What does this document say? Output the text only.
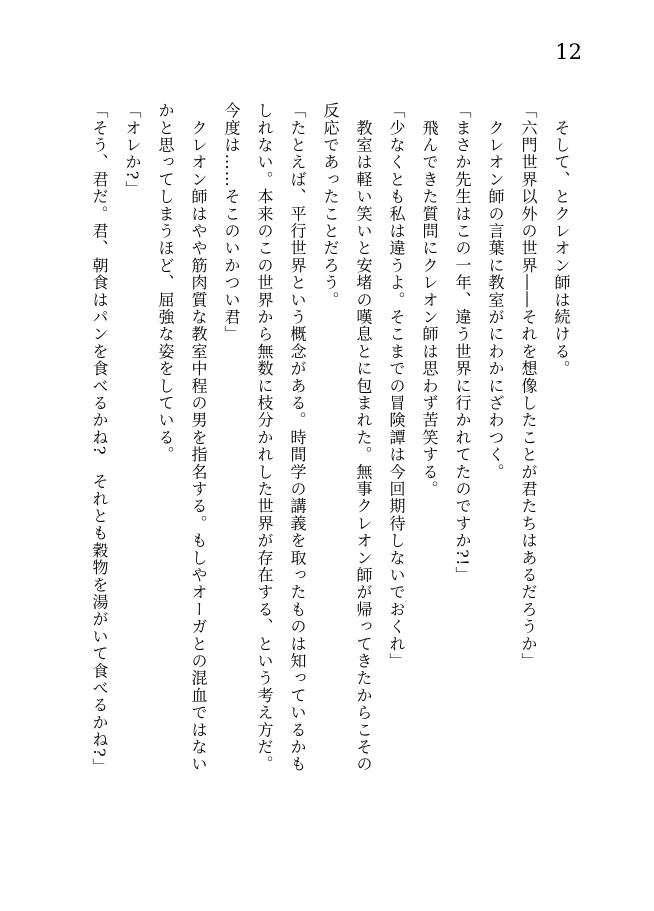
12
　そして、とクレオン師は続ける。
「六門世界以外の世界――それを想像したことが君たちはあるだろうか」
　クレオン師の言葉に教室がにわかにざわつく。
「まさか先生はこの一年、違う世界に行かれてたのですか?!」
　飛んできた質問にクレオン師は思わず苦笑する。
「少なくとも私は違うよ。そこまでの冒険譚は今回期待しないでおくれ」
　教室は軽い笑いと安堵の嘆息とに包まれた。無事クレオン師が帰ってきたからこその
反応であったことだろう。
「たとえば、平行世界という概念がある。時間学の講義を取ったものは知っているかも
しれない。本来のこの世界から無数に枝分かれした世界が存在する、という考え方だ。
今度は……そこのいかつい君」
　クレオン師はやや筋肉質な教室中程の男を指名する。もしやオーガとの混血ではない
かと思ってしまうほど、屈強な姿をしている。
「オレか?」
「そう、君だ。君、朝食はパンを食べるかね?　それとも穀物を湯がいて食べるかね?」
